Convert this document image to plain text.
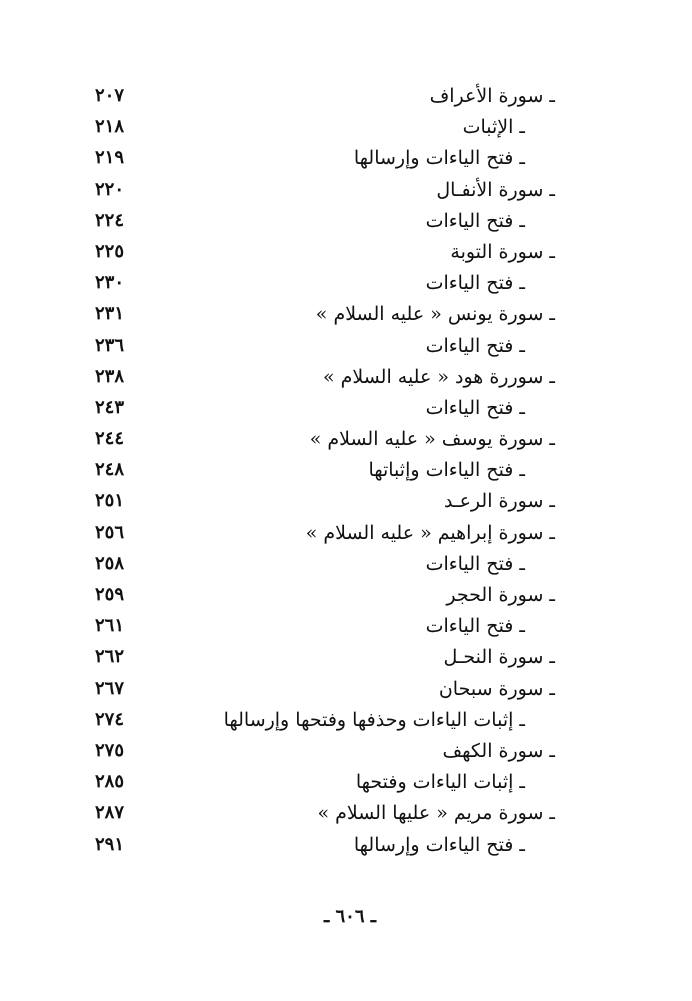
ـ سورة الأعراف
٢٠٧
ـ الإثبات
٢١٨
ـ فتح الياءات وإرسالها
٢١٩
ـ سورة الأنفـال
٢٢٠
ـ فتح الياءات
٢٢٤
ـ سورة التوبة
٢٢٥
ـ فتح الياءات
٢٣٠
ـ سورة يونس « عليه السلام »
٢٣١
ـ فتح الياءات
٢٣٦
ـ سوررة هود « عليه السلام »
٢٣٨
ـ فتح الياءات
٢٤٣
ـ سورة يوسف « عليه السلام »
٢٤٤
ـ فتح الياءات وإثباتها
٢٤٨
ـ سورة الرعـد
٢٥١
ـ سورة إبراهيم « عليه السلام »
٢٥٦
ـ فتح الياءات
٢٥٨
ـ سورة الحجر
٢٥٩
ـ فتح الياءات
٢٦١
ـ سورة النحـل
٢٦٢
ـ سورة سبحان
٢٦٧
ـ إثبات الياءات وحذفها وفتحها وإرسالها
٢٧٤
ـ سورة الكهف
٢٧٥
ـ إثبات الياءات وفتحها
٢٨٥
ـ سورة مريم « عليها السلام »
٢٨٧
ـ فتح الياءات وإرسالها
٢٩١
ـ ٦٠٦ ـ
